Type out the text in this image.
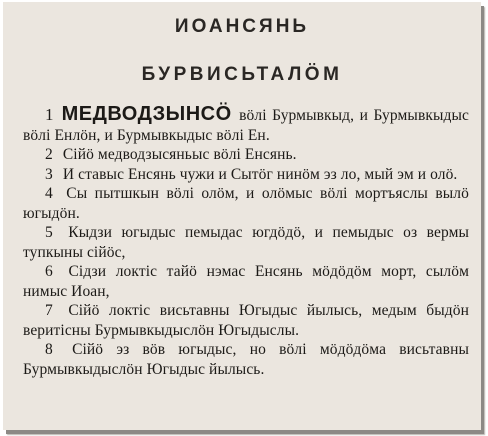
ИОАНСЯНЬ
БУРВИСЬТАЛÖМ

1 МЕДВОДЗЫНСÖ вöлi Бурмывкыд, и Бурмывкыдыс вöлi Енлöн, и Бурмывкыдыс вöлi Ен.

2 Сiйö медводзысяньыс вöлi Енсянь.

3 И ставыс Енсянь чужи и Сытöг нинöм эз ло, мый эм и олö.

4 Сы пытшкын вöлi олöм, и олöмыс вöлi мортъяслы вылö югыдöн.

5 Кыдзи югыдыс пемыдас югдöдö, и пемыдыс оз вермы тупкыны сiйöс,

6 Сiдзи локтiс тайö нэмас Енсянь мöдöдöм морт, сылöм нимыс Иоан,

7 Сiйö локтiс висьтавны Югыдыс йылысь, медым быдöн веритiсны Бурмывкыдыслöн Югыдыслы.

8 Сiйö эз вöв югыдыс, но вöлi мöдöдöма висьтавны Бурмывкыдыслöн Югыдыс йылысь.
